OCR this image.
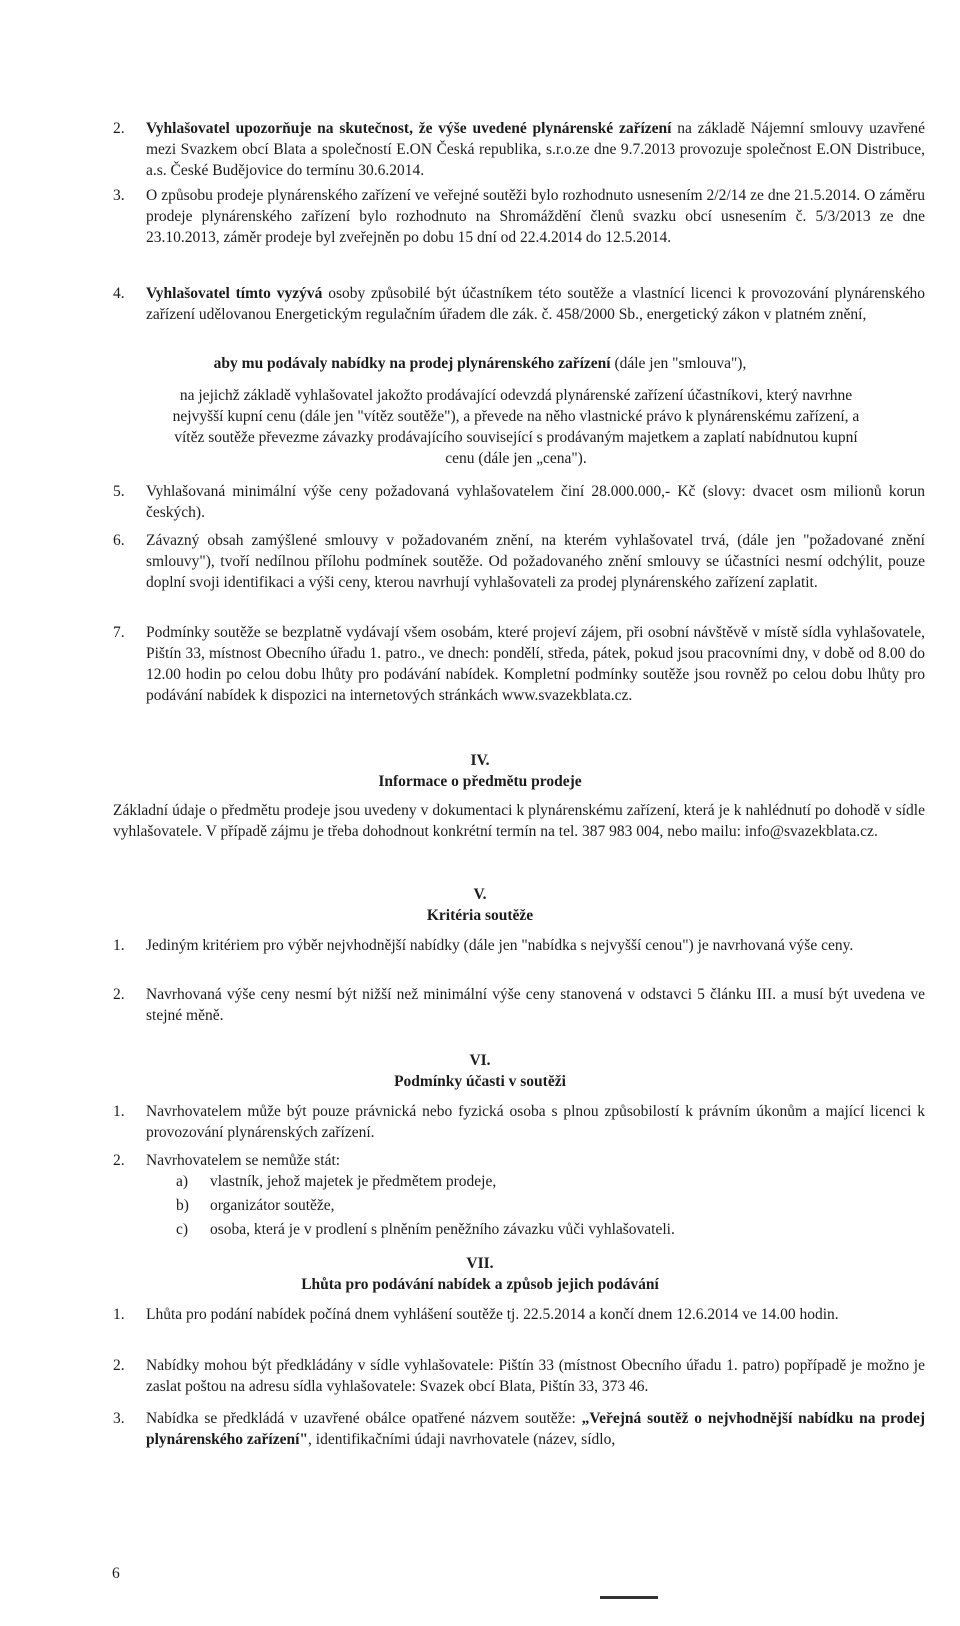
2.	Vyhlašovatel upozorňuje na skutečnost, že výše uvedené plynárenské zařízení na základě Nájemní smlouvy uzavřené mezi Svazkem obcí Blata a společností E.ON Česká republika, s.r.o.ze dne 9.7.2013 provozuje společnost E.ON Distribuce, a.s. České Budějovice do termínu 30.6.2014.
3.	O způsobu prodeje plynárenského zařízení ve veřejné soutěži bylo rozhodnuto usnesením 2/2/14 ze dne 21.5.2014. O záměru prodeje plynárenského zařízení bylo rozhodnuto na Shromáždění členů svazku obcí usnesením č. 5/3/2013 ze dne 23.10.2013, záměr prodeje byl zveřejněn po dobu 15 dní od 22.4.2014 do 12.5.2014.
4.	Vyhlašovatel tímto vyzývá osoby způsobilé být účastníkem této soutěže a vlastnící licenci k provozování plynárenského zařízení udělovanou Energetickým regulačním úřadem dle zák. č. 458/2000 Sb., energetický zákon v platném znění,
aby mu podávaly nabídky na prodej plynárenského zařízení (dále jen "smlouva"),
na jejichž základě vyhlašovatel jakožto prodávající odevzdá plynárenské zařízení účastníkovi, který navrhne nejvyšší kupní cenu (dále jen "vítěz soutěže"), a převede na něho vlastnické právo k plynárenskému zařízení, a vítěz soutěže převezme závazky prodávajícího související s prodávaným majetkem a zaplatí nabídnutou kupní cenu (dále jen „cena").
5.	Vyhlašovaná minimální výše ceny požadovaná vyhlašovatelem činí 28.000.000,- Kč (slovy: dvacet osm milionů korun českých).
6.	Závazný obsah zamýšlené smlouvy v požadovaném znění, na kterém vyhlašovatel trvá, (dále jen "požadované znění smlouvy"), tvoří nedílnou přílohu podmínek soutěže. Od požadovaného znění smlouvy se účastníci nesmí odchýlit, pouze doplní svoji identifikaci a výši ceny, kterou navrhují vyhlašovateli za prodej plynárenského zařízení zaplatit.
7.	Podmínky soutěže se bezplatně vydávají všem osobám, které projeví zájem, při osobní návštěvě v místě sídla vyhlašovatele, Pištín 33, místnost Obecního úřadu 1. patro., ve dnech: pondělí, středa, pátek, pokud jsou pracovními dny, v době od 8.00 do 12.00 hodin po celou dobu lhůty pro podávání nabídek. Kompletní podmínky soutěže jsou rovněž po celou dobu lhůty pro podávání nabídek k dispozici na internetových stránkách www.svazekblata.cz.
IV.
Informace o předmětu prodeje
Základní údaje o předmětu prodeje jsou uvedeny v dokumentaci k plynárenskému zařízení, která je k nahlédnutí po dohodě v sídle vyhlašovatele. V případě zájmu je třeba dohodnout konkrétní termín na tel. 387 983 004, nebo mailu: info@svazekblata.cz.
V.
Kritéria soutěže
1.	Jediným kritériem pro výběr nejvhodnější nabídky (dále jen "nabídka s nejvyšší cenou") je navrhovaná výše ceny.
2.	Navrhovaná výše ceny nesmí být nižší než minimální výše ceny stanovená v odstavci 5 článku III. a musí být uvedena ve stejné měně.
VI.
Podmínky účasti v soutěži
1.	Navrhovatelem může být pouze právnická nebo fyzická osoba s plnou způsobilostí k právním úkonům a mající licenci k provozování plynárenských zařízení.
2.	Navrhovatelem se nemůže stát:
a)	vlastník, jehož majetek je předmětem prodeje,
b)	organizátor soutěže,
c)	osoba, která je v prodlení s plněním peněžního závazku vůči vyhlašovateli.
VII.
Lhůta pro podávání nabídek a způsob jejich podávání
1.	Lhůta pro podání nabídek počíná dnem vyhlášení soutěže tj. 22.5.2014 a končí dnem 12.6.2014 ve 14.00 hodin.
2.	Nabídky mohou být předkládány v sídle vyhlašovatele: Pištín 33 (místnost Obecního úřadu 1. patro) popřípadě je možno je zaslat poštou na adresu sídla vyhlašovatele: Svazek obcí Blata, Pištín 33, 373 46.
3.	Nabídka se předkládá v uzavřené obálce opatřené názvem soutěže: „Veřejná soutěž o nejvhodnější nabídku na prodej plynárenského zařízení", identifikačními údaji navrhovatele (název, sídlo,
6
